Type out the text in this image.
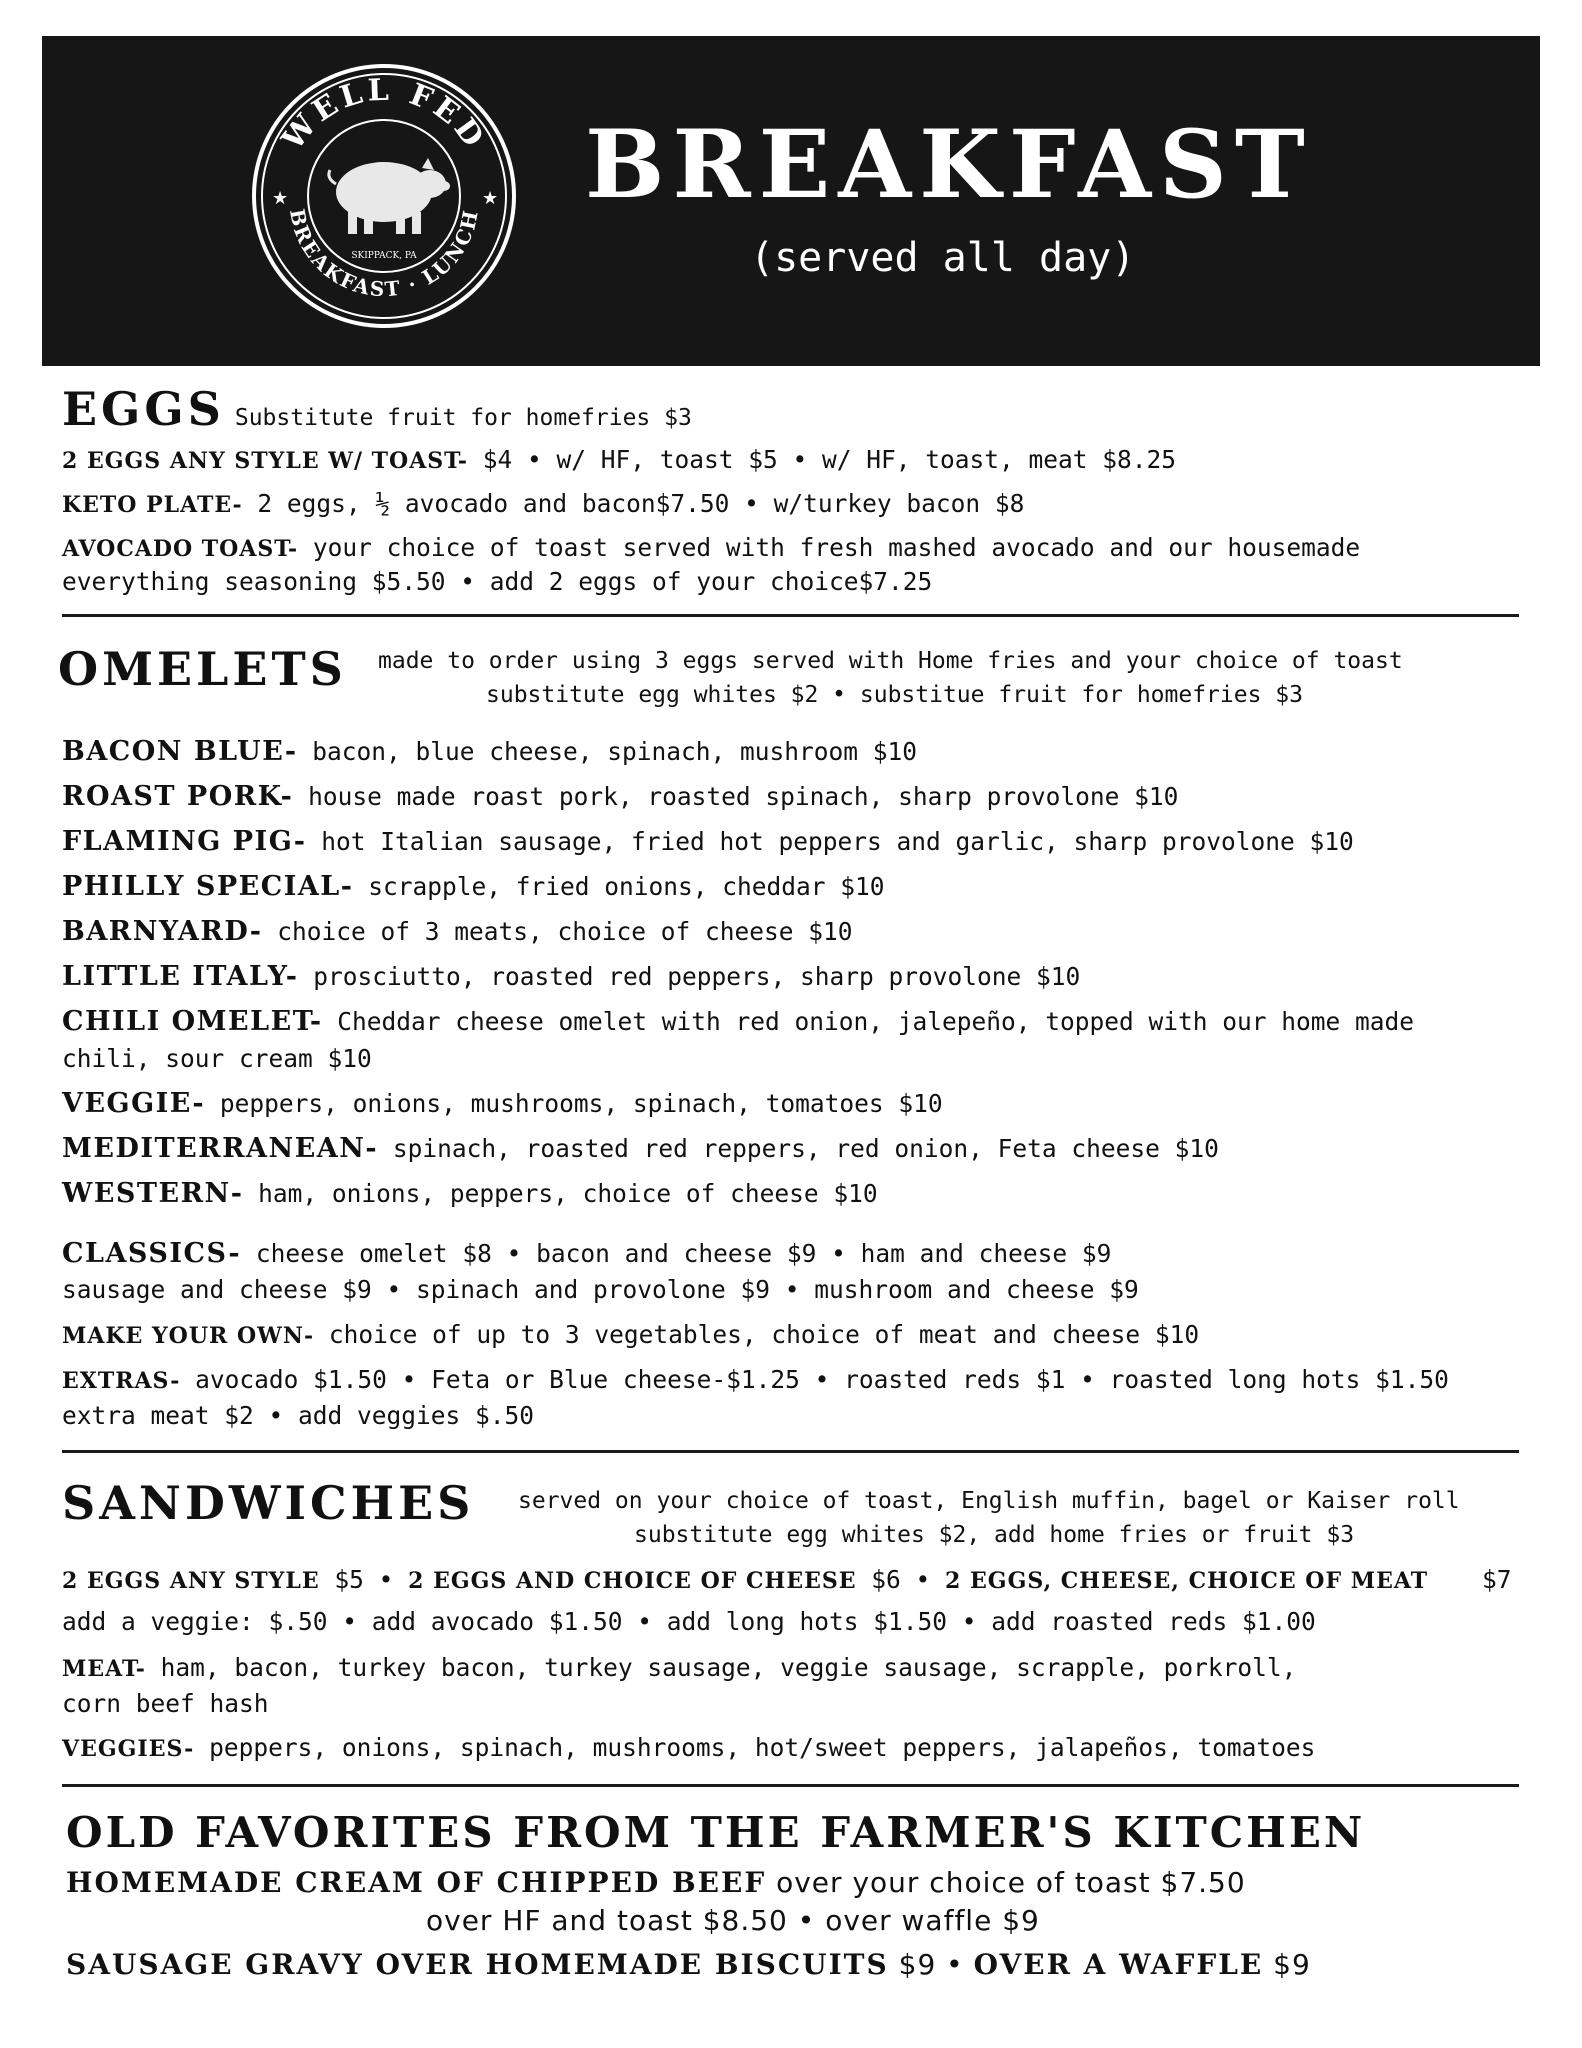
WELL FED
BREAKFAST · LUNCH
★	★
SKIPPACK, PA
BREAKFAST
(served all day)
EGGS Substitute fruit for homefries $3
2 EGGS ANY STYLE W/ TOAST- $4 • w/ HF, toast $5 • w/ HF, toast, meat $8.25
KETO PLATE- 2 eggs, ½ avocado and bacon$7.50 • w/turkey bacon $8
AVOCADO TOAST- your choice of toast served with fresh mashed avocado and our housemade
everything seasoning $5.50 • add 2 eggs of your choice$7.25
OMELETS made to order using 3 eggs served with Home fries and your choice of toast
substitute egg whites $2 • substitue fruit for homefries $3
BACON BLUE- bacon, blue cheese, spinach, mushroom $10
ROAST PORK- house made roast pork, roasted spinach, sharp provolone $10
FLAMING PIG- hot Italian sausage, fried hot peppers and garlic, sharp provolone $10
PHILLY SPECIAL- scrapple, fried onions, cheddar $10
BARNYARD- choice of 3 meats, choice of cheese $10
LITTLE ITALY- prosciutto, roasted red peppers, sharp provolone $10
CHILI OMELET- Cheddar cheese omelet with red onion, jalepeño, topped with our home made
chili, sour cream $10
VEGGIE- peppers, onions, mushrooms, spinach, tomatoes $10
MEDITERRANEAN- spinach, roasted red reppers, red onion, Feta cheese $10
WESTERN- ham, onions, peppers, choice of cheese $10
CLASSICS- cheese omelet $8 • bacon and cheese $9 • ham and cheese $9
sausage and cheese $9 • spinach and provolone $9 • mushroom and cheese $9
MAKE YOUR OWN- choice of up to 3 vegetables, choice of meat and cheese $10
EXTRAS- avocado $1.50 • Feta or Blue cheese-$1.25 • roasted reds $1 • roasted long hots $1.50
extra meat $2 • add veggies $.50
SANDWICHES served on your choice of toast, English muffin, bagel or Kaiser roll
substitute egg whites $2, add home fries or fruit $3
2 EGGS ANY STYLE $5 • 2 EGGS AND CHOICE OF CHEESE $6 • 2 EGGS, CHEESE, CHOICE OF MEAT $7
add a veggie: $.50 • add avocado $1.50 • add long hots $1.50 • add roasted reds $1.00
MEAT- ham, bacon, turkey bacon, turkey sausage, veggie sausage, scrapple, porkroll,
corn beef hash
VEGGIES- peppers, onions, spinach, mushrooms, hot/sweet peppers, jalapeños, tomatoes
OLD FAVORITES FROM THE FARMER'S KITCHEN
HOMEMADE CREAM OF CHIPPED BEEF over your choice of toast $7.50
over HF and toast $8.50 • over waffle $9
SAUSAGE GRAVY OVER HOMEMADE BISCUITS $9 • OVER A WAFFLE $9
